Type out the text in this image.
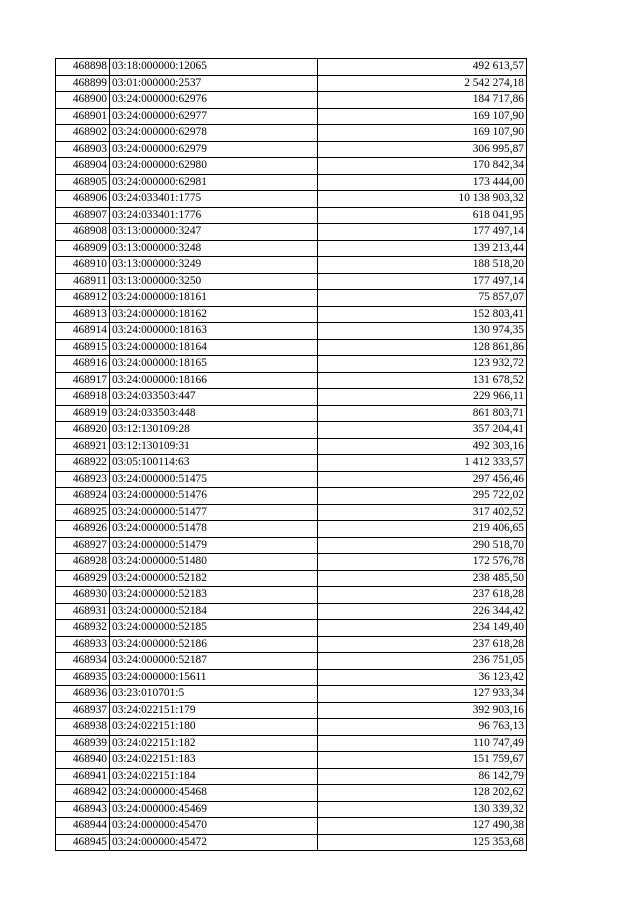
468898	03:18:000000:12065	492 613,57
468899	03:01:000000:2537	2 542 274,18
468900	03:24:000000:62976	184 717,86
468901	03:24:000000:62977	169 107,90
468902	03:24:000000:62978	169 107,90
468903	03:24:000000:62979	306 995,87
468904	03:24:000000:62980	170 842,34
468905	03:24:000000:62981	173 444,00
468906	03:24:033401:1775	10 138 903,32
468907	03:24:033401:1776	618 041,95
468908	03:13:000000:3247	177 497,14
468909	03:13:000000:3248	139 213,44
468910	03:13:000000:3249	188 518,20
468911	03:13:000000:3250	177 497,14
468912	03:24:000000:18161	75 857,07
468913	03:24:000000:18162	152 803,41
468914	03:24:000000:18163	130 974,35
468915	03:24:000000:18164	128 861,86
468916	03:24:000000:18165	123 932,72
468917	03:24:000000:18166	131 678,52
468918	03:24:033503:447	229 966,11
468919	03:24:033503:448	861 803,71
468920	03:12:130109:28	357 204,41
468921	03:12:130109:31	492 303,16
468922	03:05:100114:63	1 412 333,57
468923	03:24:000000:51475	297 456,46
468924	03:24:000000:51476	295 722,02
468925	03:24:000000:51477	317 402,52
468926	03:24:000000:51478	219 406,65
468927	03:24:000000:51479	290 518,70
468928	03:24:000000:51480	172 576,78
468929	03:24:000000:52182	238 485,50
468930	03:24:000000:52183	237 618,28
468931	03:24:000000:52184	226 344,42
468932	03:24:000000:52185	234 149,40
468933	03:24:000000:52186	237 618,28
468934	03:24:000000:52187	236 751,05
468935	03:24:000000:15611	36 123,42
468936	03:23:010701:5	127 933,34
468937	03:24:022151:179	392 903,16
468938	03:24:022151:180	96 763,13
468939	03:24:022151:182	110 747,49
468940	03:24:022151:183	151 759,67
468941	03:24:022151:184	86 142,79
468942	03:24:000000:45468	128 202,62
468943	03:24:000000:45469	130 339,32
468944	03:24:000000:45470	127 490,38
468945	03:24:000000:45472	125 353,68
